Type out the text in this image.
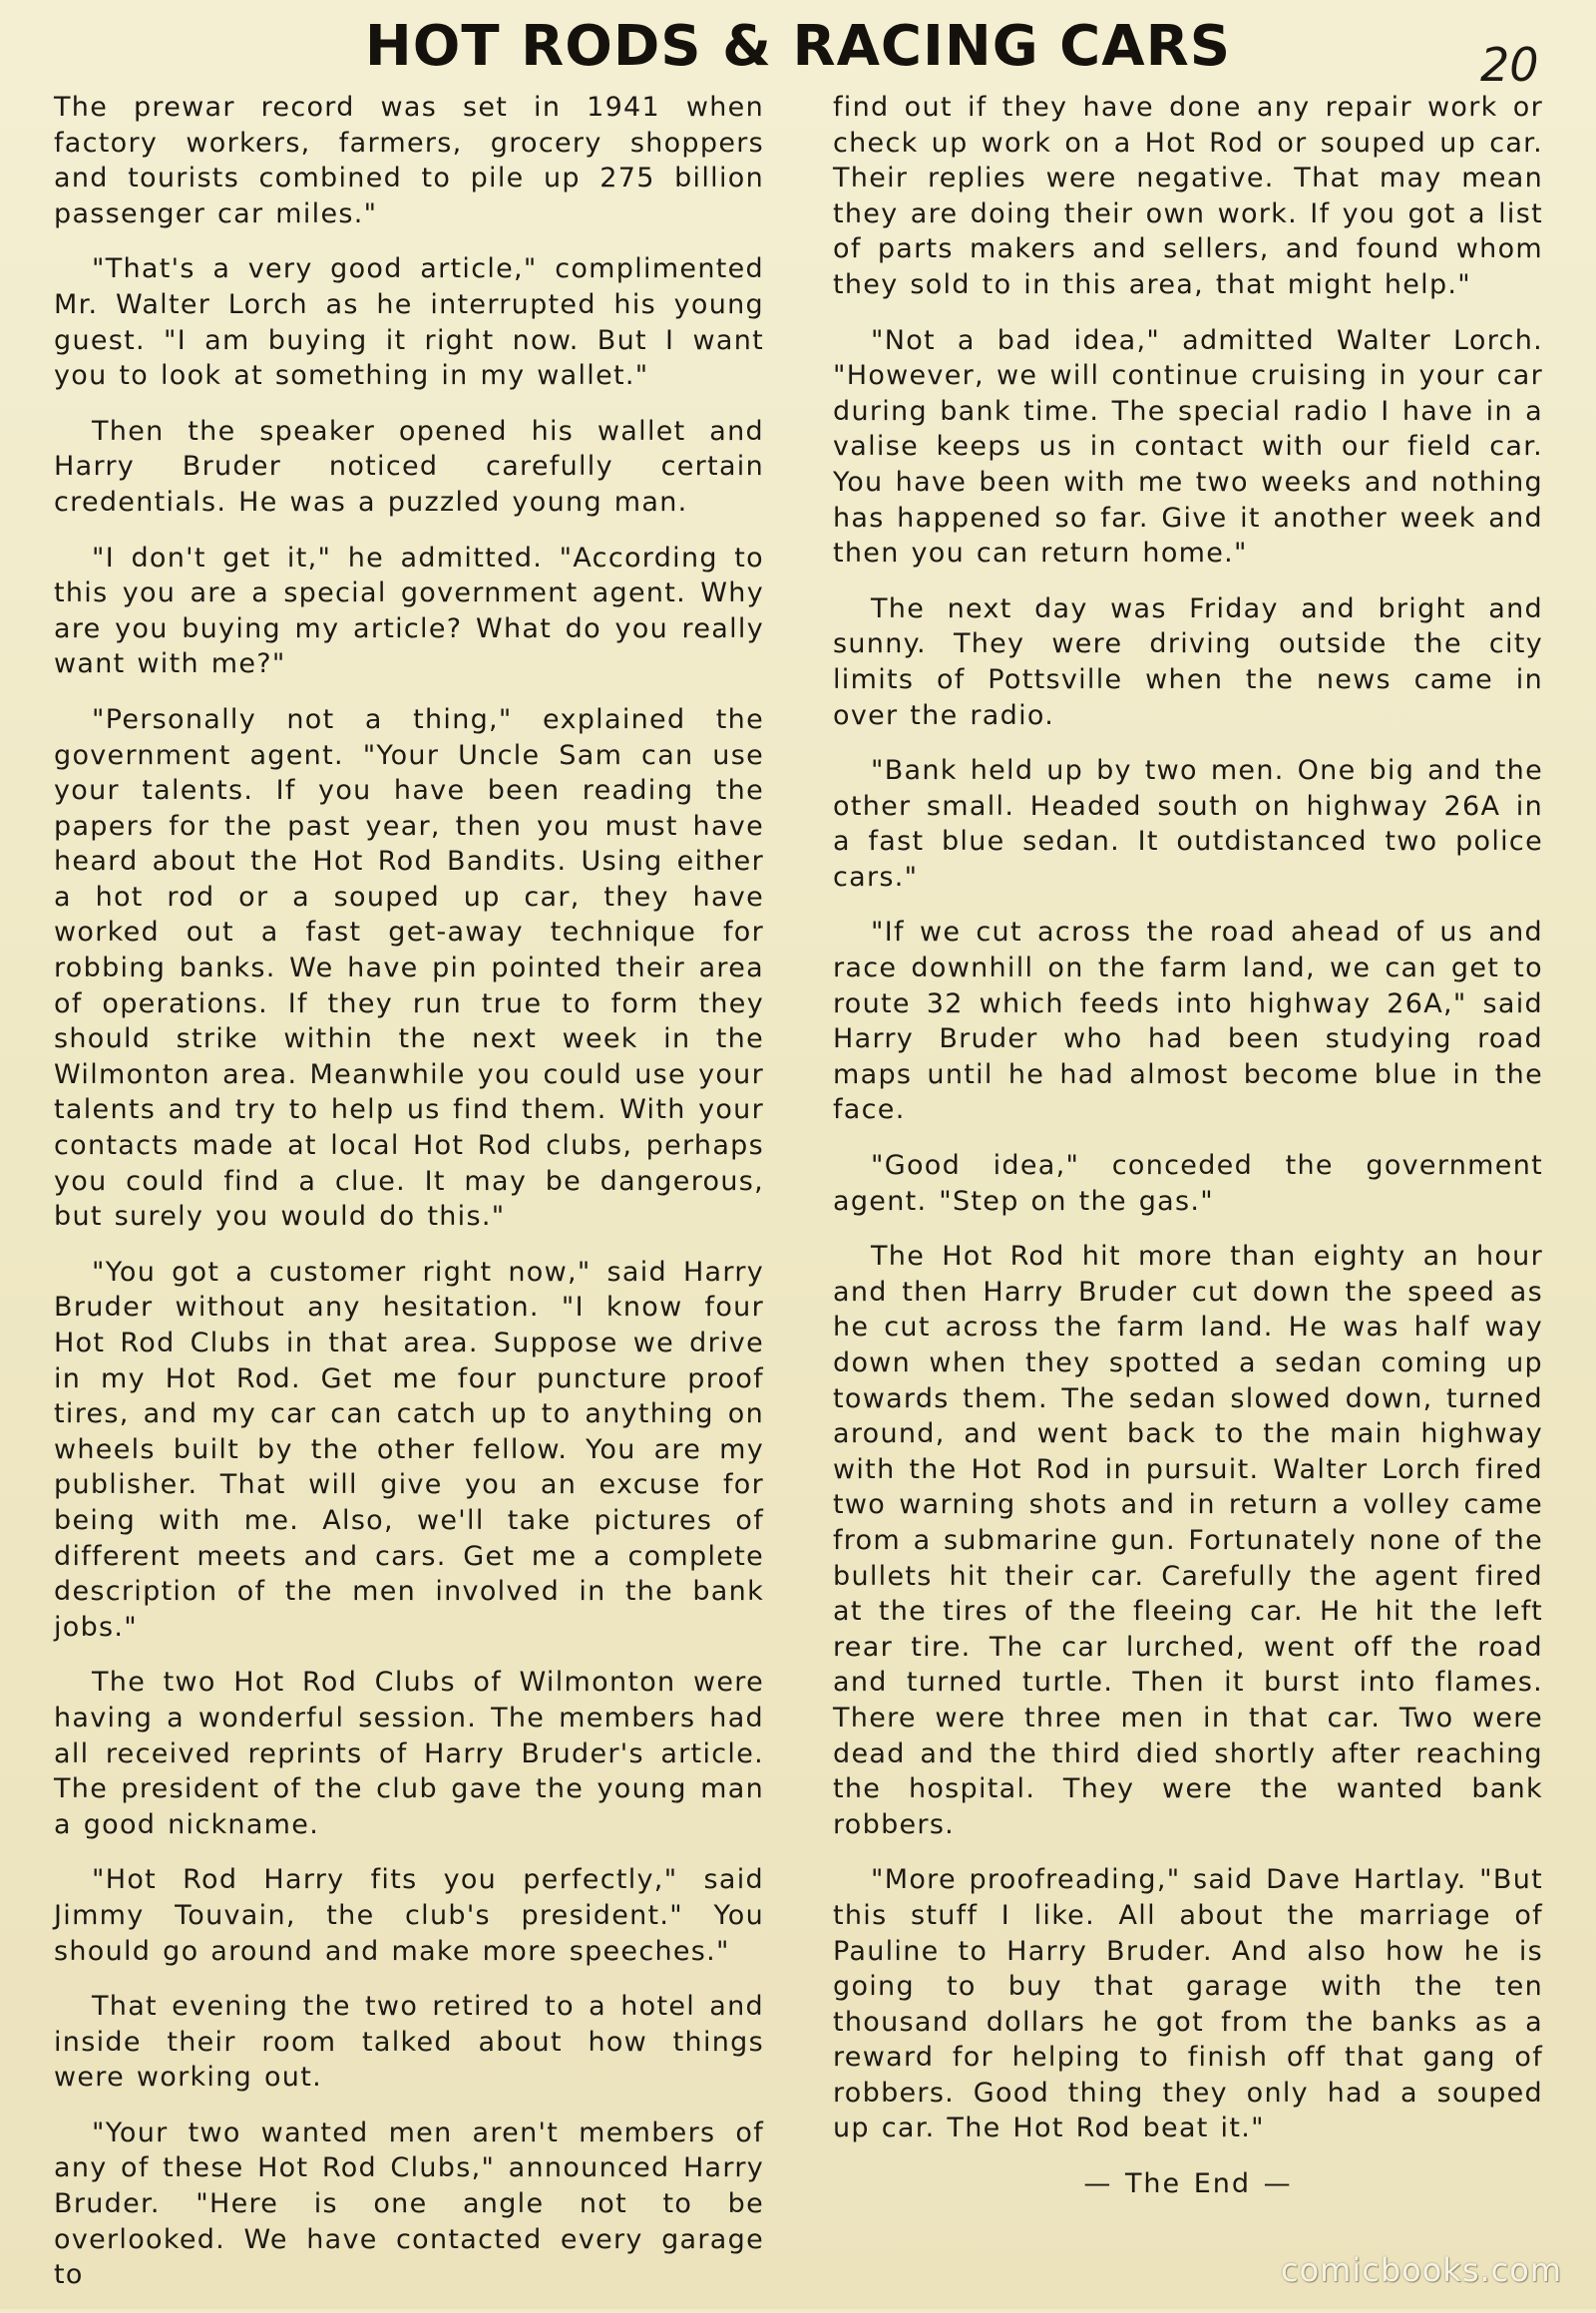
HOT RODS & RACING CARS	20

The prewar record was set in 1941 when factory workers, farmers, grocery shoppers and tourists combined to pile up 275 billion passenger car miles."

"That's a very good article," complimented Mr. Walter Lorch as he interrupted his young guest. "I am buying it right now. But I want you to look at something in my wallet."

Then the speaker opened his wallet and Harry Bruder noticed carefully certain credentials. He was a puzzled young man.

"I don't get it," he admitted. "According to this you are a special government agent. Why are you buying my article? What do you really want with me?"

"Personally not a thing," explained the government agent. "Your Uncle Sam can use your talents. If you have been reading the papers for the past year, then you must have heard about the Hot Rod Bandits. Using either a hot rod or a souped up car, they have worked out a fast get-away technique for robbing banks. We have pin pointed their area of operations. If they run true to form they should strike within the next week in the Wilmonton area. Meanwhile you could use your talents and try to help us find them. With your contacts made at local Hot Rod clubs, perhaps you could find a clue. It may be dangerous, but surely you would do this."

"You got a customer right now," said Harry Bruder without any hesitation. "I know four Hot Rod Clubs in that area. Suppose we drive in my Hot Rod. Get me four puncture proof tires, and my car can catch up to anything on wheels built by the other fellow. You are my publisher. That will give you an excuse for being with me. Also, we'll take pictures of different meets and cars. Get me a complete description of the men involved in the bank jobs."

The two Hot Rod Clubs of Wilmonton were having a wonderful session. The members had all received reprints of Harry Bruder's article. The president of the club gave the young man a good nickname.

"Hot Rod Harry fits you perfectly," said Jimmy Touvain, the club's president." You should go around and make more speeches."

That evening the two retired to a hotel and inside their room talked about how things were working out.

"Your two wanted men aren't members of any of these Hot Rod Clubs," announced Harry Bruder. "Here is one angle not to be overlooked. We have contacted every garage to

find out if they have done any repair work or check up work on a Hot Rod or souped up car. Their replies were negative. That may mean they are doing their own work. If you got a list of parts makers and sellers, and found whom they sold to in this area, that might help."

"Not a bad idea," admitted Walter Lorch. "However, we will continue cruising in your car during bank time. The special radio I have in a valise keeps us in contact with our field car. You have been with me two weeks and nothing has happened so far. Give it another week and then you can return home."

The next day was Friday and bright and sunny. They were driving outside the city limits of Pottsville when the news came in over the radio.

"Bank held up by two men. One big and the other small. Headed south on highway 26A in a fast blue sedan. It outdistanced two police cars."

"If we cut across the road ahead of us and race downhill on the farm land, we can get to route 32 which feeds into highway 26A," said Harry Bruder who had been studying road maps until he had almost become blue in the face.

"Good idea," conceded the government agent. "Step on the gas."

The Hot Rod hit more than eighty an hour and then Harry Bruder cut down the speed as he cut across the farm land. He was half way down when they spotted a sedan coming up towards them. The sedan slowed down, turned around, and went back to the main highway with the Hot Rod in pursuit. Walter Lorch fired two warning shots and in return a volley came from a submarine gun. Fortunately none of the bullets hit their car. Carefully the agent fired at the tires of the fleeing car. He hit the left rear tire. The car lurched, went off the road and turned turtle. Then it burst into flames. There were three men in that car. Two were dead and the third died shortly after reaching the hospital. They were the wanted bank robbers.

"More proofreading," said Dave Hartlay. "But this stuff I like. All about the marriage of Pauline to Harry Bruder. And also how he is going to buy that garage with the ten thousand dollars he got from the banks as a reward for helping to finish off that gang of robbers. Good thing they only had a souped up car. The Hot Rod beat it."

— The End —
comicbooks.com
